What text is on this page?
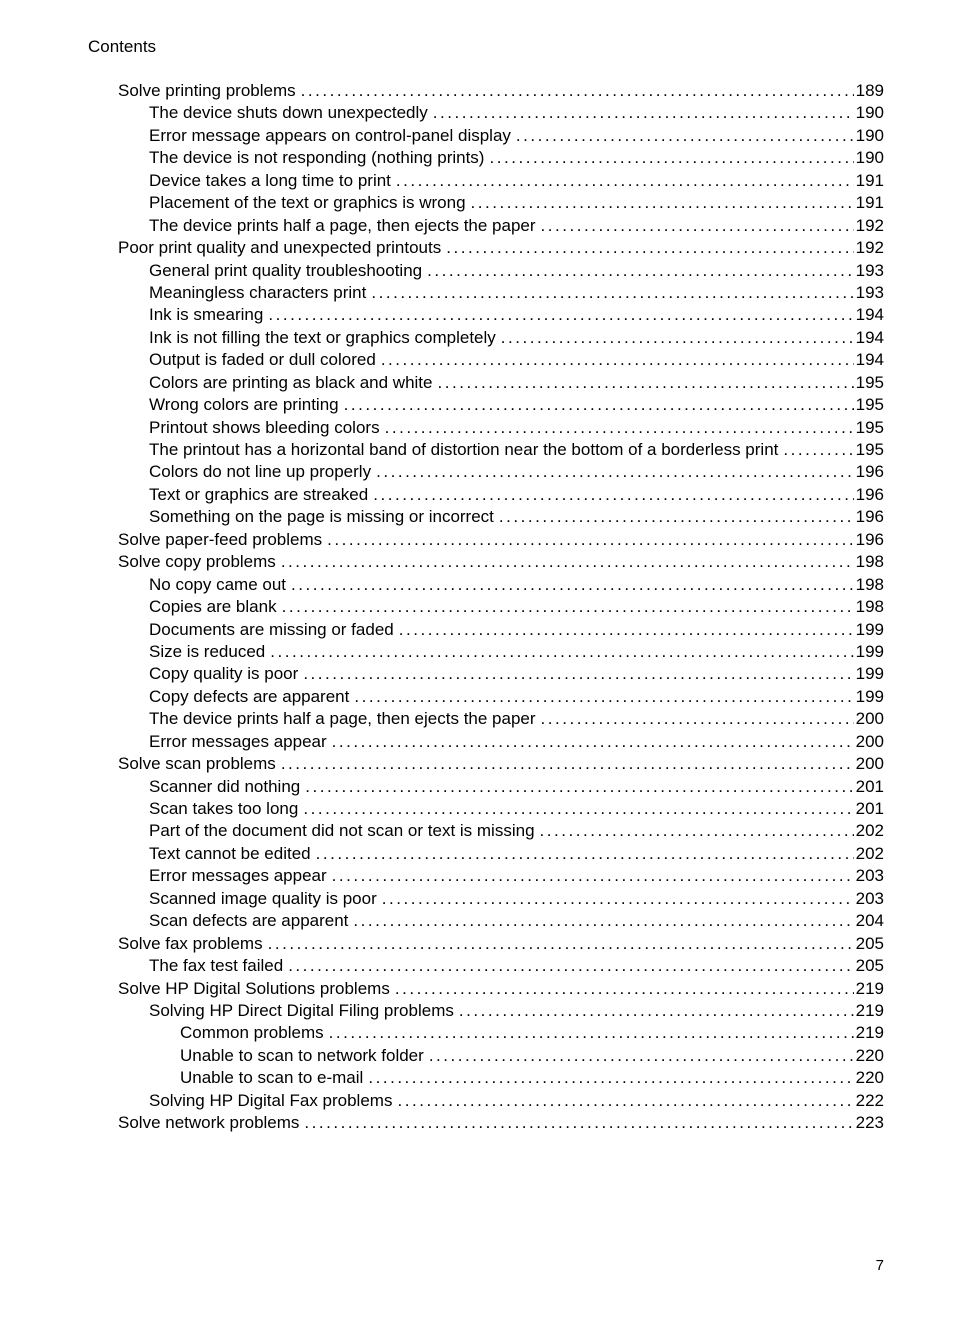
Contents
Solve printing problems . . .	189
The device shuts down unexpectedly . . .	190
Error message appears on control-panel display . . .	190
The device is not responding (nothing prints) . . .	190
Device takes a long time to print . . .	191
Placement of the text or graphics is wrong . . .	191
The device prints half a page, then ejects the paper . . .	192
Poor print quality and unexpected printouts . . .	192
General print quality troubleshooting . . .	193
Meaningless characters print . . .	193
Ink is smearing . . .	194
Ink is not filling the text or graphics completely . . .	194
Output is faded or dull colored . . .	194
Colors are printing as black and white . . .	195
Wrong colors are printing . . .	195
Printout shows bleeding colors . . .	195
The printout has a horizontal band of distortion near the bottom of a borderless print . . .	195
Colors do not line up properly . . .	196
Text or graphics are streaked . . .	196
Something on the page is missing or incorrect . . .	196
Solve paper-feed problems . . .	196
Solve copy problems . . .	198
No copy came out . . .	198
Copies are blank . . .	198
Documents are missing or faded . . .	199
Size is reduced . . .	199
Copy quality is poor . . .	199
Copy defects are apparent . . .	199
The device prints half a page, then ejects the paper . . .	200
Error messages appear . . .	200
Solve scan problems . . .	200
Scanner did nothing . . .	201
Scan takes too long . . .	201
Part of the document did not scan or text is missing . . .	202
Text cannot be edited . . .	202
Error messages appear . . .	203
Scanned image quality is poor . . .	203
Scan defects are apparent . . .	204
Solve fax problems . . .	205
The fax test failed . . .	205
Solve HP Digital Solutions problems . . .	219
Solving HP Direct Digital Filing problems . . .	219
Common problems . . .	219
Unable to scan to network folder . . .	220
Unable to scan to e-mail . . .	220
Solving HP Digital Fax problems . . .	222
Solve network problems . . .	223
7
